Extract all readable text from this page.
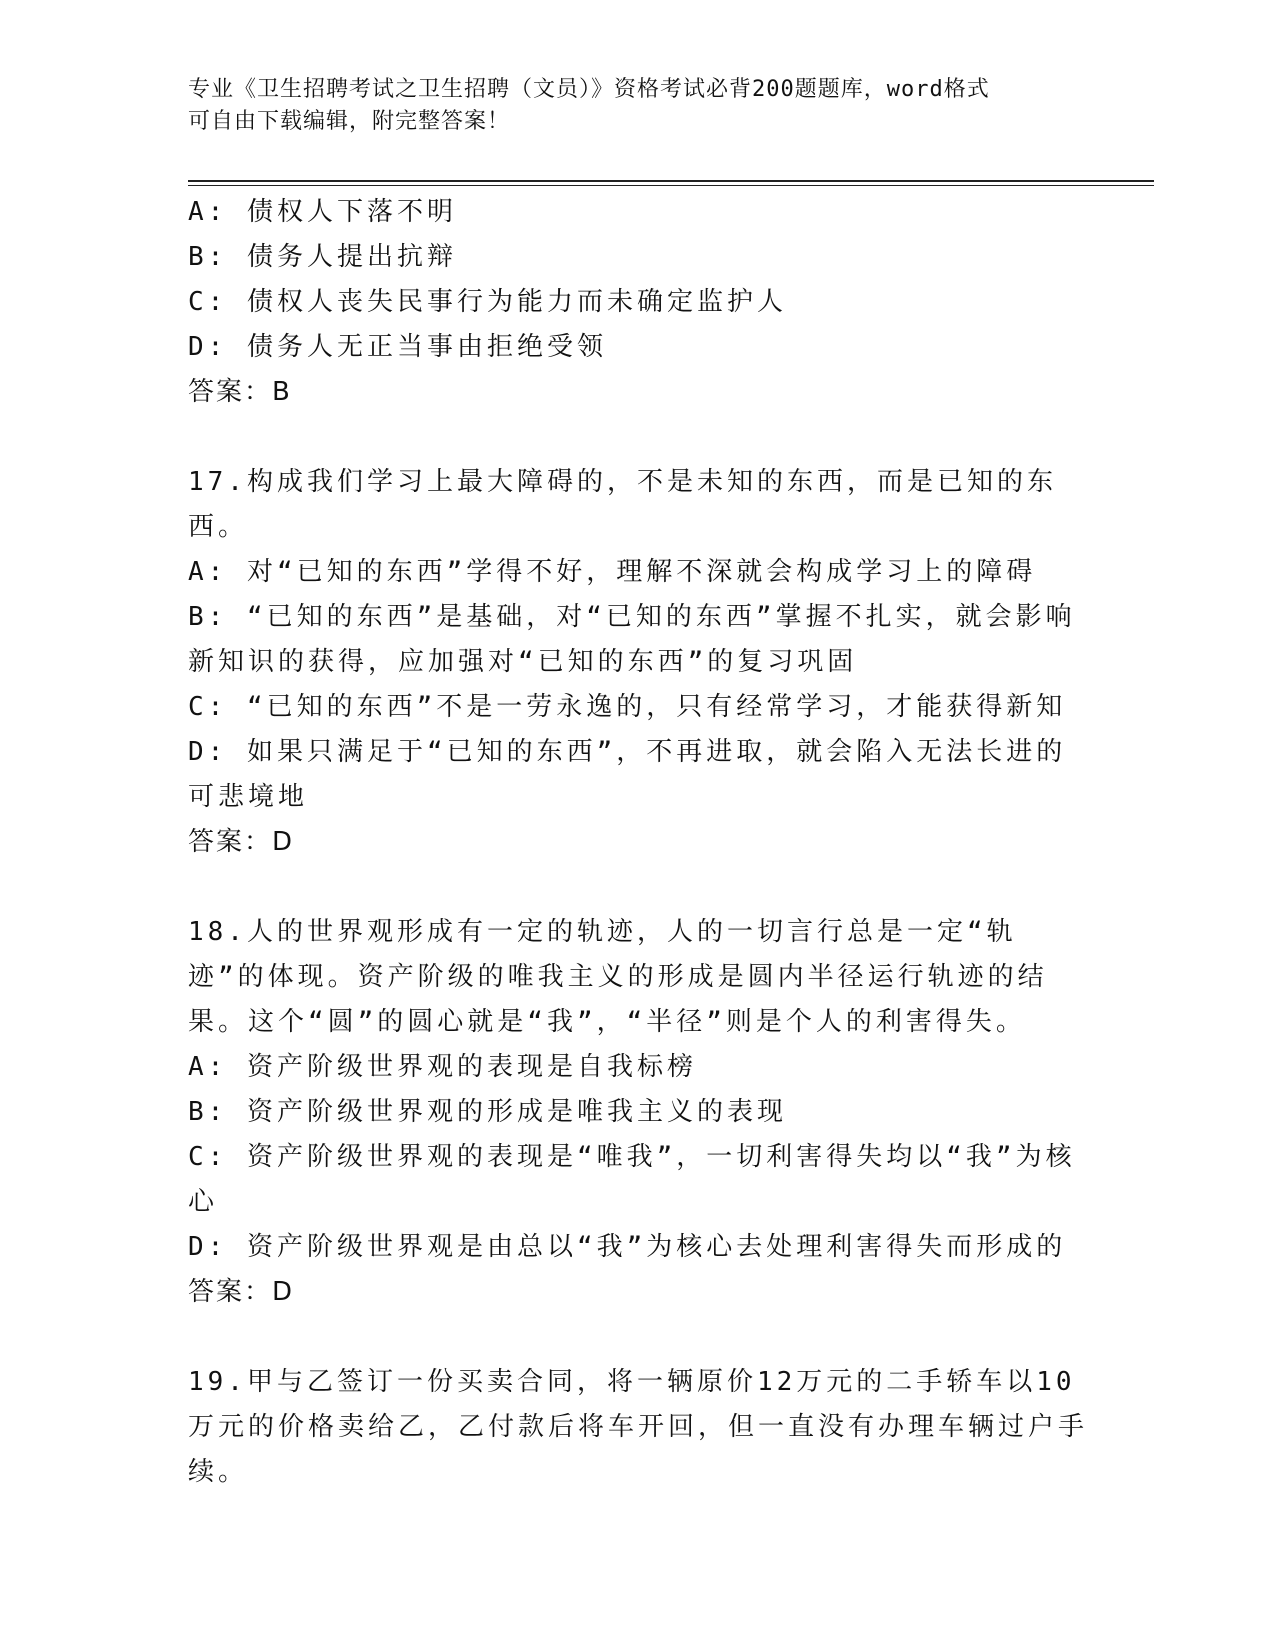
专业《卫生招聘考试之卫生招聘（文员）》资格考试必背200题题库，word格式
可自由下载编辑，附完整答案！
A: 债权人下落不明
B: 债务人提出抗辩
C: 债权人丧失民事行为能力而未确定监护人
D: 债务人无正当事由拒绝受领
答案：B
17.构成我们学习上最大障碍的，不是未知的东西，而是已知的东西。
A: 对“已知的东西”学得不好，理解不深就会构成学习上的障碍
B: “已知的东西”是基础，对“已知的东西”掌握不扎实，就会影响新知识的获得，应加强对“已知的东西”的复习巩固
C: “已知的东西”不是一劳永逸的，只有经常学习，才能获得新知
D: 如果只满足于“已知的东西”，不再进取，就会陷入无法长进的可悲境地
答案：D
18.人的世界观形成有一定的轨迹，人的一切言行总是一定“轨迹”的体现。资产阶级的唯我主义的形成是圆内半径运行轨迹的结果。这个“圆”的圆心就是“我”，“半径”则是个人的利害得失。
A: 资产阶级世界观的表现是自我标榜
B: 资产阶级世界观的形成是唯我主义的表现
C: 资产阶级世界观的表现是“唯我”，一切利害得失均以“我”为核心
D: 资产阶级世界观是由总以“我”为核心去处理利害得失而形成的
答案：D
19.甲与乙签订一份买卖合同，将一辆原价12万元的二手轿车以10万元的价格卖给乙，乙付款后将车开回，但一直没有办理车辆过户手续。
